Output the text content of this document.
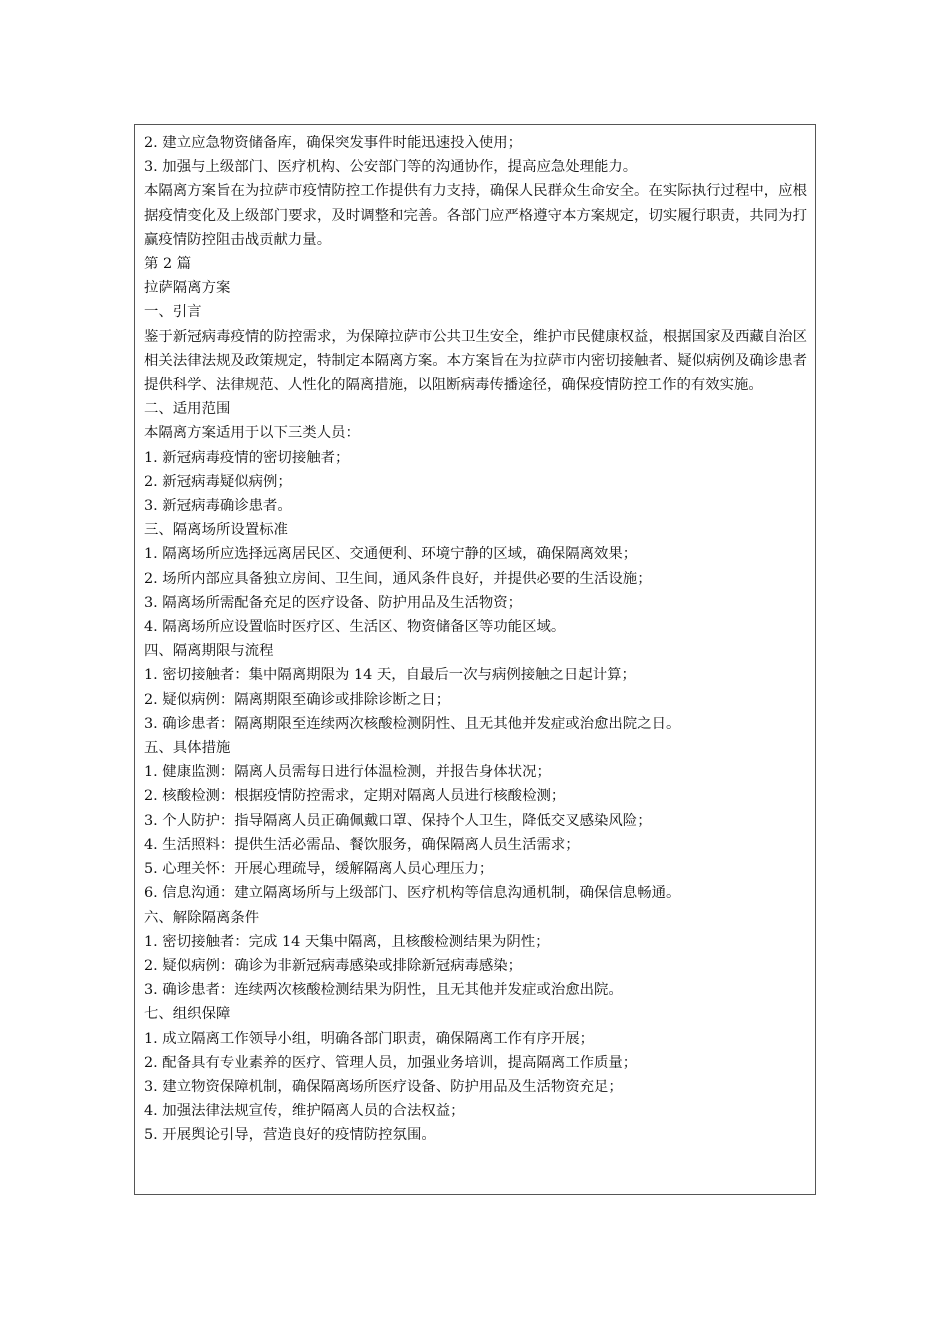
2. 建立应急物资储备库，确保突发事件时能迅速投入使用；

3. 加强与上级部门、医疗机构、公安部门等的沟通协作，提高应急处理能力。

本隔离方案旨在为拉萨市疫情防控工作提供有力支持，确保人民群众生命安全。在实际执行过程中，应根据疫情变化及上级部门要求，及时调整和完善。各部门应严格遵守本方案规定，切实履行职责，共同为打赢疫情防控阻击战贡献力量。

第 2 篇

拉萨隔离方案

一、引言

鉴于新冠病毒疫情的防控需求，为保障拉萨市公共卫生安全，维护市民健康权益，根据国家及西藏自治区相关法律法规及政策规定，特制定本隔离方案。本方案旨在为拉萨市内密切接触者、疑似病例及确诊患者提供科学、法律规范、人性化的隔离措施，以阻断病毒传播途径，确保疫情防控工作的有效实施。

二、适用范围

本隔离方案适用于以下三类人员：

1. 新冠病毒疫情的密切接触者；

2. 新冠病毒疑似病例；

3. 新冠病毒确诊患者。

三、隔离场所设置标准

1. 隔离场所应选择远离居民区、交通便利、环境宁静的区域，确保隔离效果；

2. 场所内部应具备独立房间、卫生间，通风条件良好，并提供必要的生活设施；

3. 隔离场所需配备充足的医疗设备、防护用品及生活物资；

4. 隔离场所应设置临时医疗区、生活区、物资储备区等功能区域。

四、隔离期限与流程

1. 密切接触者：集中隔离期限为 14 天，自最后一次与病例接触之日起计算；

2. 疑似病例：隔离期限至确诊或排除诊断之日；

3. 确诊患者：隔离期限至连续两次核酸检测阴性、且无其他并发症或治愈出院之日。

五、具体措施

1. 健康监测：隔离人员需每日进行体温检测，并报告身体状况；

2. 核酸检测：根据疫情防控需求，定期对隔离人员进行核酸检测；

3. 个人防护：指导隔离人员正确佩戴口罩、保持个人卫生，降低交叉感染风险；

4. 生活照料：提供生活必需品、餐饮服务，确保隔离人员生活需求；

5. 心理关怀：开展心理疏导，缓解隔离人员心理压力；

6. 信息沟通：建立隔离场所与上级部门、医疗机构等信息沟通机制，确保信息畅通。

六、解除隔离条件

1. 密切接触者：完成 14 天集中隔离，且核酸检测结果为阴性；

2. 疑似病例：确诊为非新冠病毒感染或排除新冠病毒感染；

3. 确诊患者：连续两次核酸检测结果为阴性，且无其他并发症或治愈出院。

七、组织保障

1. 成立隔离工作领导小组，明确各部门职责，确保隔离工作有序开展；

2. 配备具有专业素养的医疗、管理人员，加强业务培训，提高隔离工作质量；

3. 建立物资保障机制，确保隔离场所医疗设备、防护用品及生活物资充足；

4. 加强法律法规宣传，维护隔离人员的合法权益；

5. 开展舆论引导，营造良好的疫情防控氛围。
